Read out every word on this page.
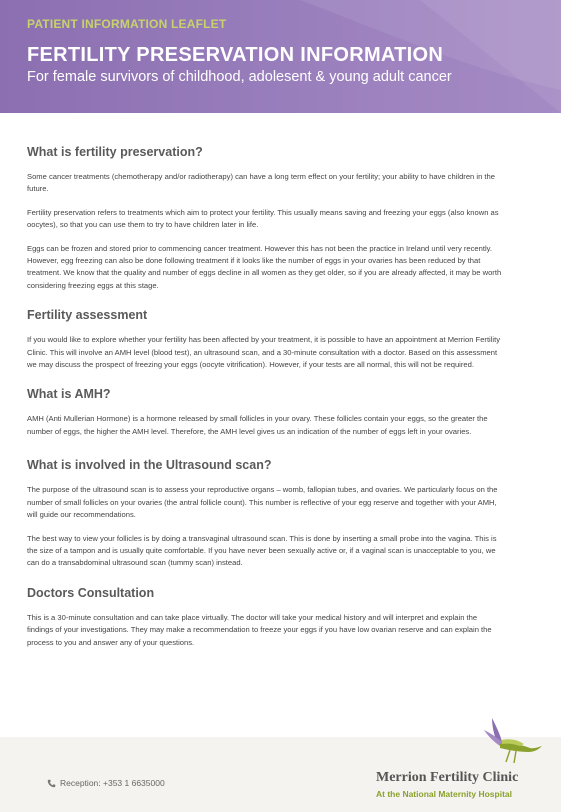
PATIENT INFORMATION LEAFLET
FERTILITY PRESERVATION INFORMATION
For female survivors of childhood, adolesent & young adult cancer
What is fertility preservation?

Some cancer treatments (chemotherapy and/or radiotherapy) can have a long term effect on your fertility; your ability to have children in the future.

Fertility preservation refers to treatments which aim to protect your fertility. This usually means saving and freezing your eggs (also known as oocytes), so that you can use them to try to have children later in life.

Eggs can be frozen and stored prior to commencing cancer treatment. However this has not been the practice in Ireland until very recently. However, egg freezing can also be done following treatment if it looks like the number of eggs in your ovaries has been reduced by that treatment. We know that the quality and number of eggs decline in all women as they get older, so if you are already affected, it may be worth considering freezing eggs at this stage.

Fertility assessment

If you would like to explore whether your fertility has been affected by your treatment, it is possible to have an appointment at Merrion Fertility Clinic. This will involve an AMH level (blood test), an ultrasound scan, and a 30-minute consultation with a doctor. Based on this assessment we may discuss the prospect of freezing your eggs (oocyte vitrification). However, if your tests are all normal, this will not be required.

What is AMH?

AMH (Anti Mullerian Hormone) is a hormone released by small follicles in your ovary. These follicles contain your eggs, so the greater the number of eggs, the higher the AMH level. Therefore, the AMH level gives us an indication of the number of eggs left in your ovaries.

What is involved in the Ultrasound scan?

The purpose of the ultrasound scan is to assess your reproductive organs – womb, fallopian tubes, and ovaries. We particularly focus on the number of small follicles on your ovaries (the antral follicle count). This number is reflective of your egg reserve and together with your AMH, will guide our recommendations.

The best way to view your follicles is by doing a transvaginal ultrasound scan. This is done by inserting a small probe into the vagina. This is the size of a tampon and is usually quite comfortable. If you have never been sexually active or, if a vaginal scan is unacceptable to you, we can do a transabdominal ultrasound scan (tummy scan) instead.

Doctors Consultation

This is a 30-minute consultation and can take place virtually. The doctor will take your medical history and will interpret and explain the findings of your investigations. They may make a recommendation to freeze your eggs if you have low ovarian reserve and can explain the process to you and answer any of your questions.

Reception: +353 1 6635000	Merrion Fertility Clinic
At the National Maternity Hospital
